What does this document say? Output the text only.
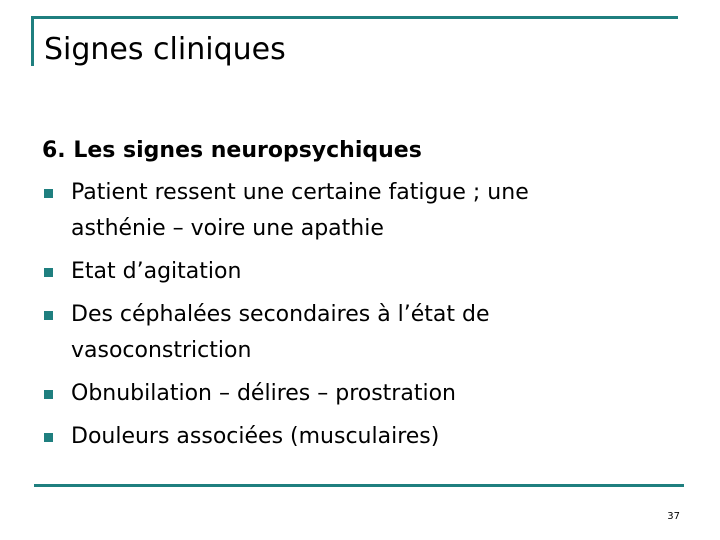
Signes cliniques
6. Les signes neuropsychiques
Patient ressent une certaine fatigue ; une
asthénie – voire une apathie
Etat d’agitation
Des céphalées secondaires à l’état de
vasoconstriction
Obnubilation – délires – prostration
Douleurs associées (musculaires)
37
